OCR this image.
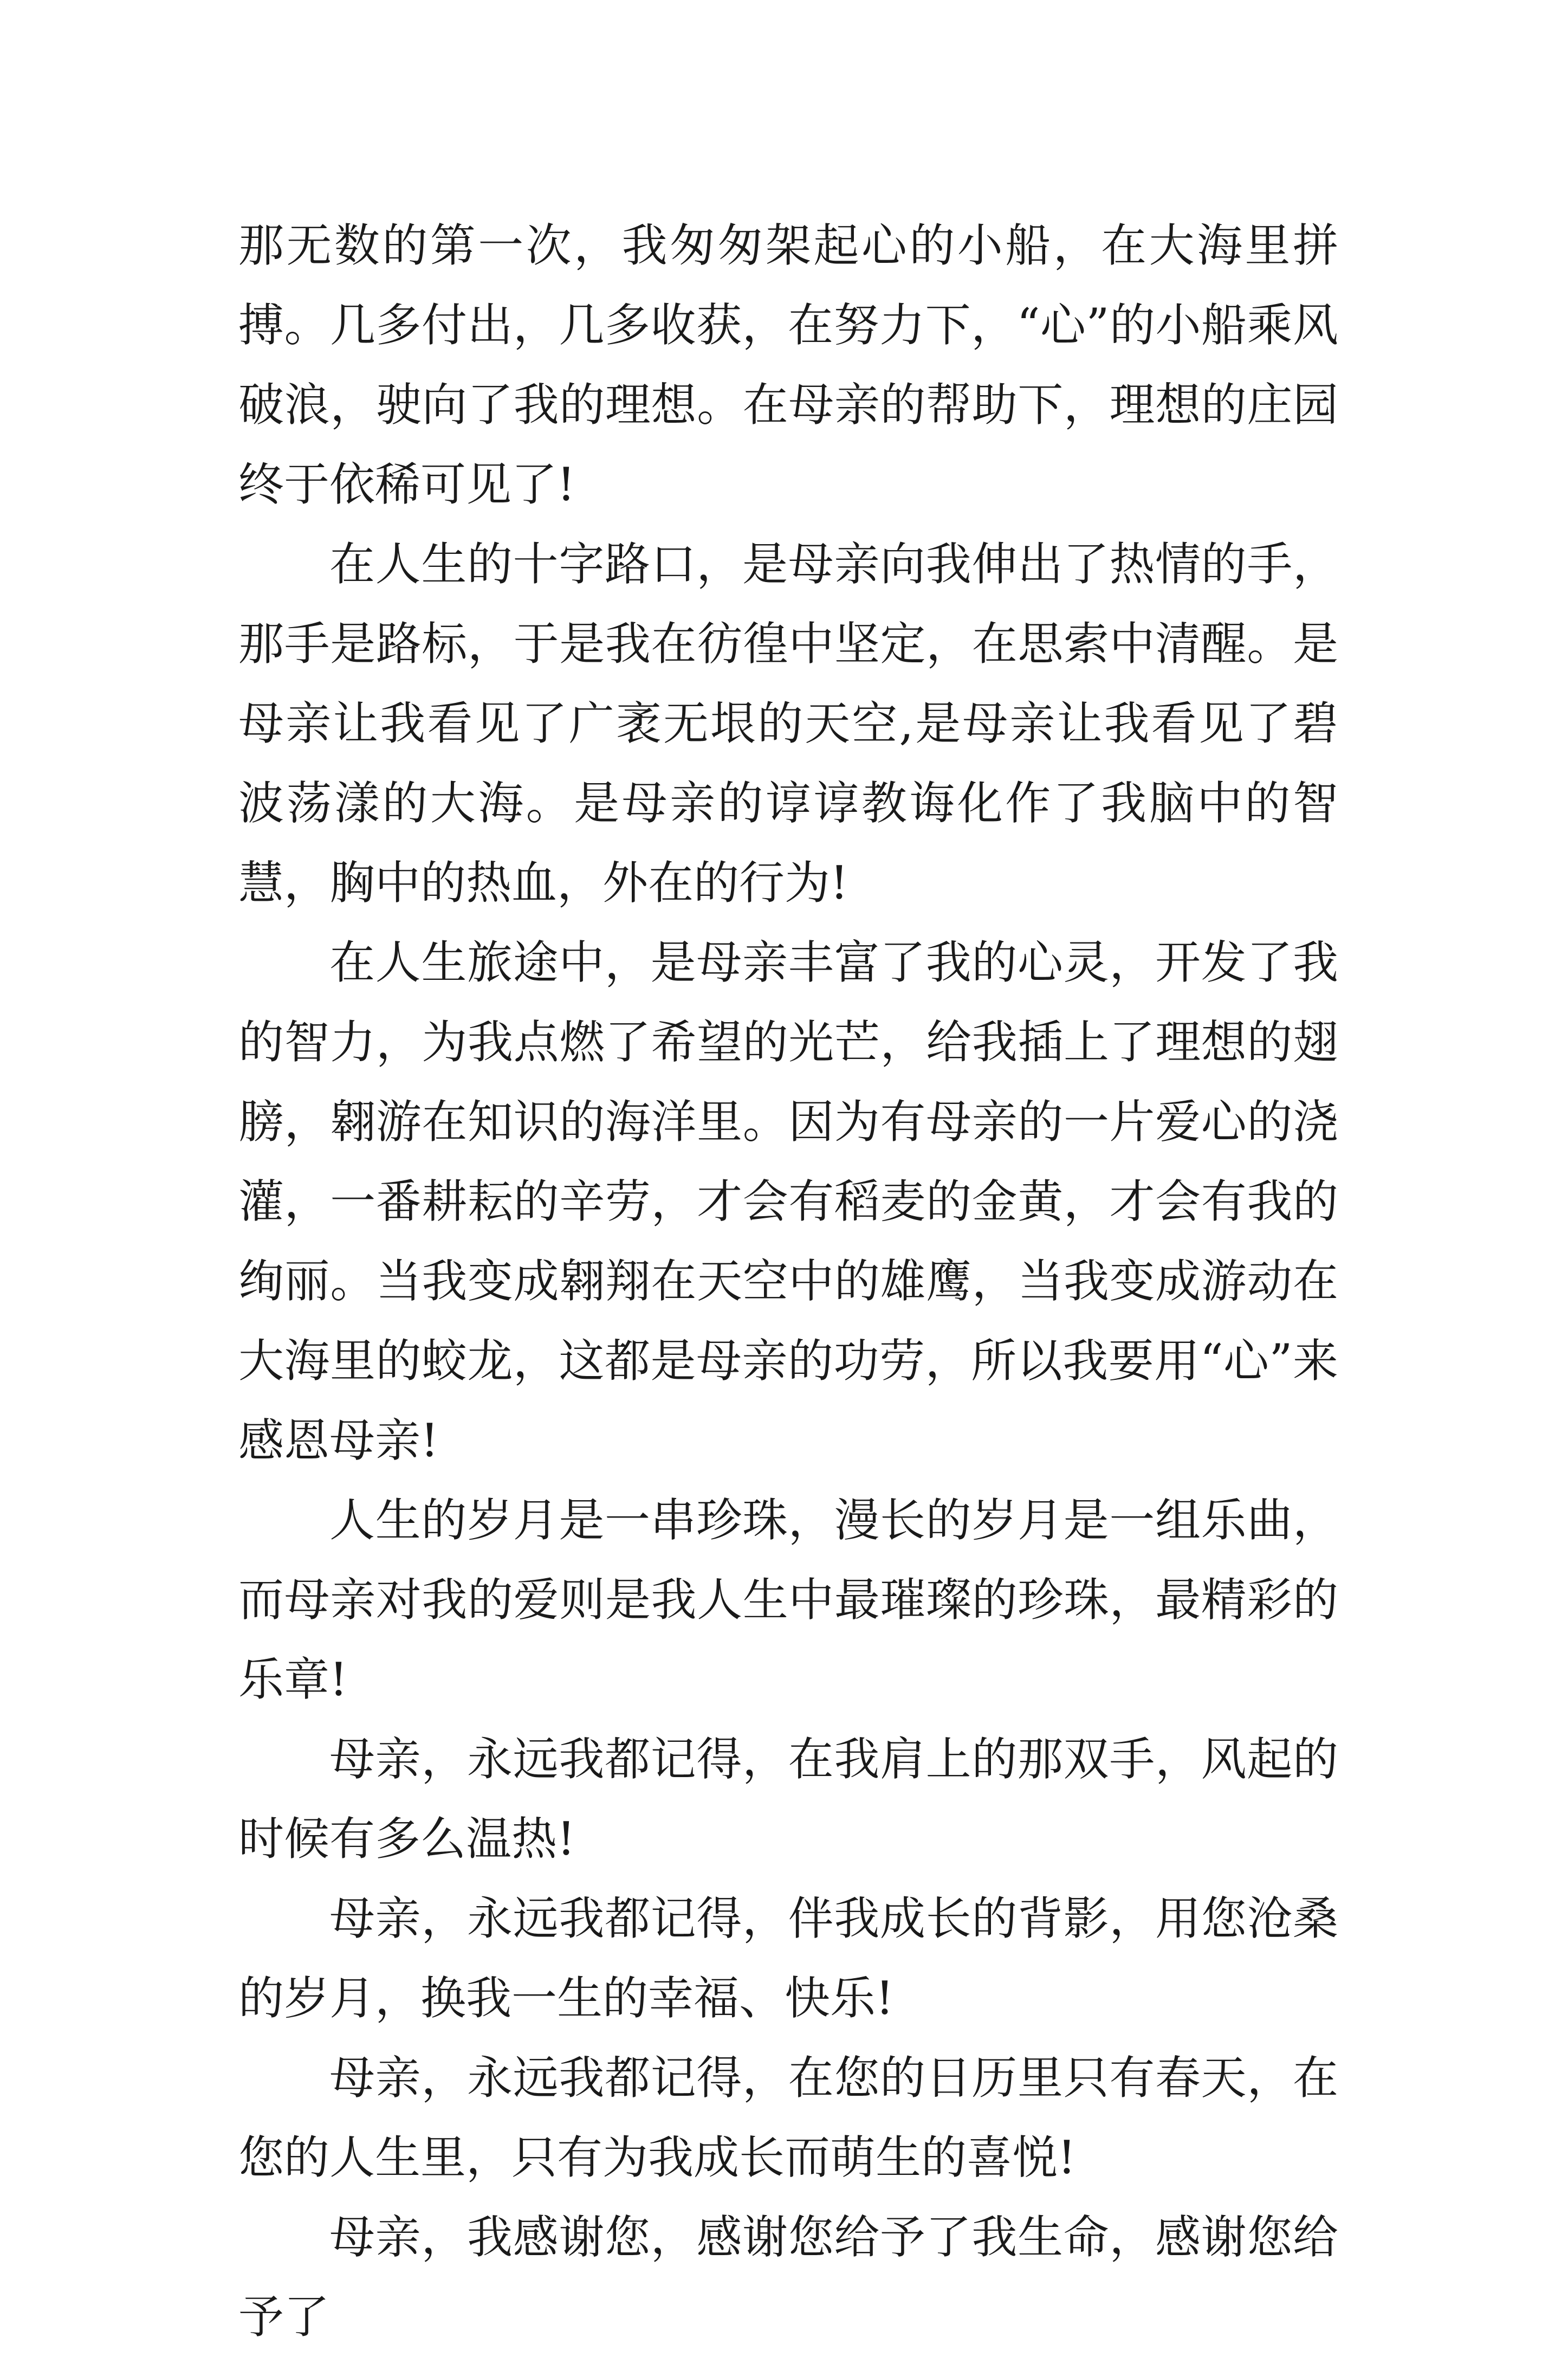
那无数的第一次，我匆匆架起心的小船，在大海里拼搏。几多付出，几多收获，在努力下，“心”的小船乘风破浪，驶向了我的理想。在母亲的帮助下，理想的庄园终于依稀可见了!

在人生的十字路口，是母亲向我伸出了热情的手，那手是路标，于是我在彷徨中坚定，在思索中清醒。是母亲让我看见了广袤无垠的天空,是母亲让我看见了碧波荡漾的大海。是母亲的谆谆教诲化作了我脑中的智慧，胸中的热血，外在的行为!

在人生旅途中，是母亲丰富了我的心灵，开发了我的智力，为我点燃了希望的光芒，给我插上了理想的翅膀，翱游在知识的海洋里。因为有母亲的一片爱心的浇灌，一番耕耘的辛劳，才会有稻麦的金黄，才会有我的绚丽。当我变成翱翔在天空中的雄鹰，当我变成游动在大海里的蛟龙，这都是母亲的功劳，所以我要用“心”来感恩母亲!

人生的岁月是一串珍珠，漫长的岁月是一组乐曲，而母亲对我的爱则是我人生中最璀璨的珍珠，最精彩的乐章!

母亲，永远我都记得，在我肩上的那双手，风起的时候有多么温热!

母亲，永远我都记得，伴我成长的背影，用您沧桑的岁月，换我一生的幸福、快乐!

母亲，永远我都记得，在您的日历里只有春天，在您的人生里，只有为我成长而萌生的喜悦!

母亲，我感谢您，感谢您给予了我生命，感谢您给予了
